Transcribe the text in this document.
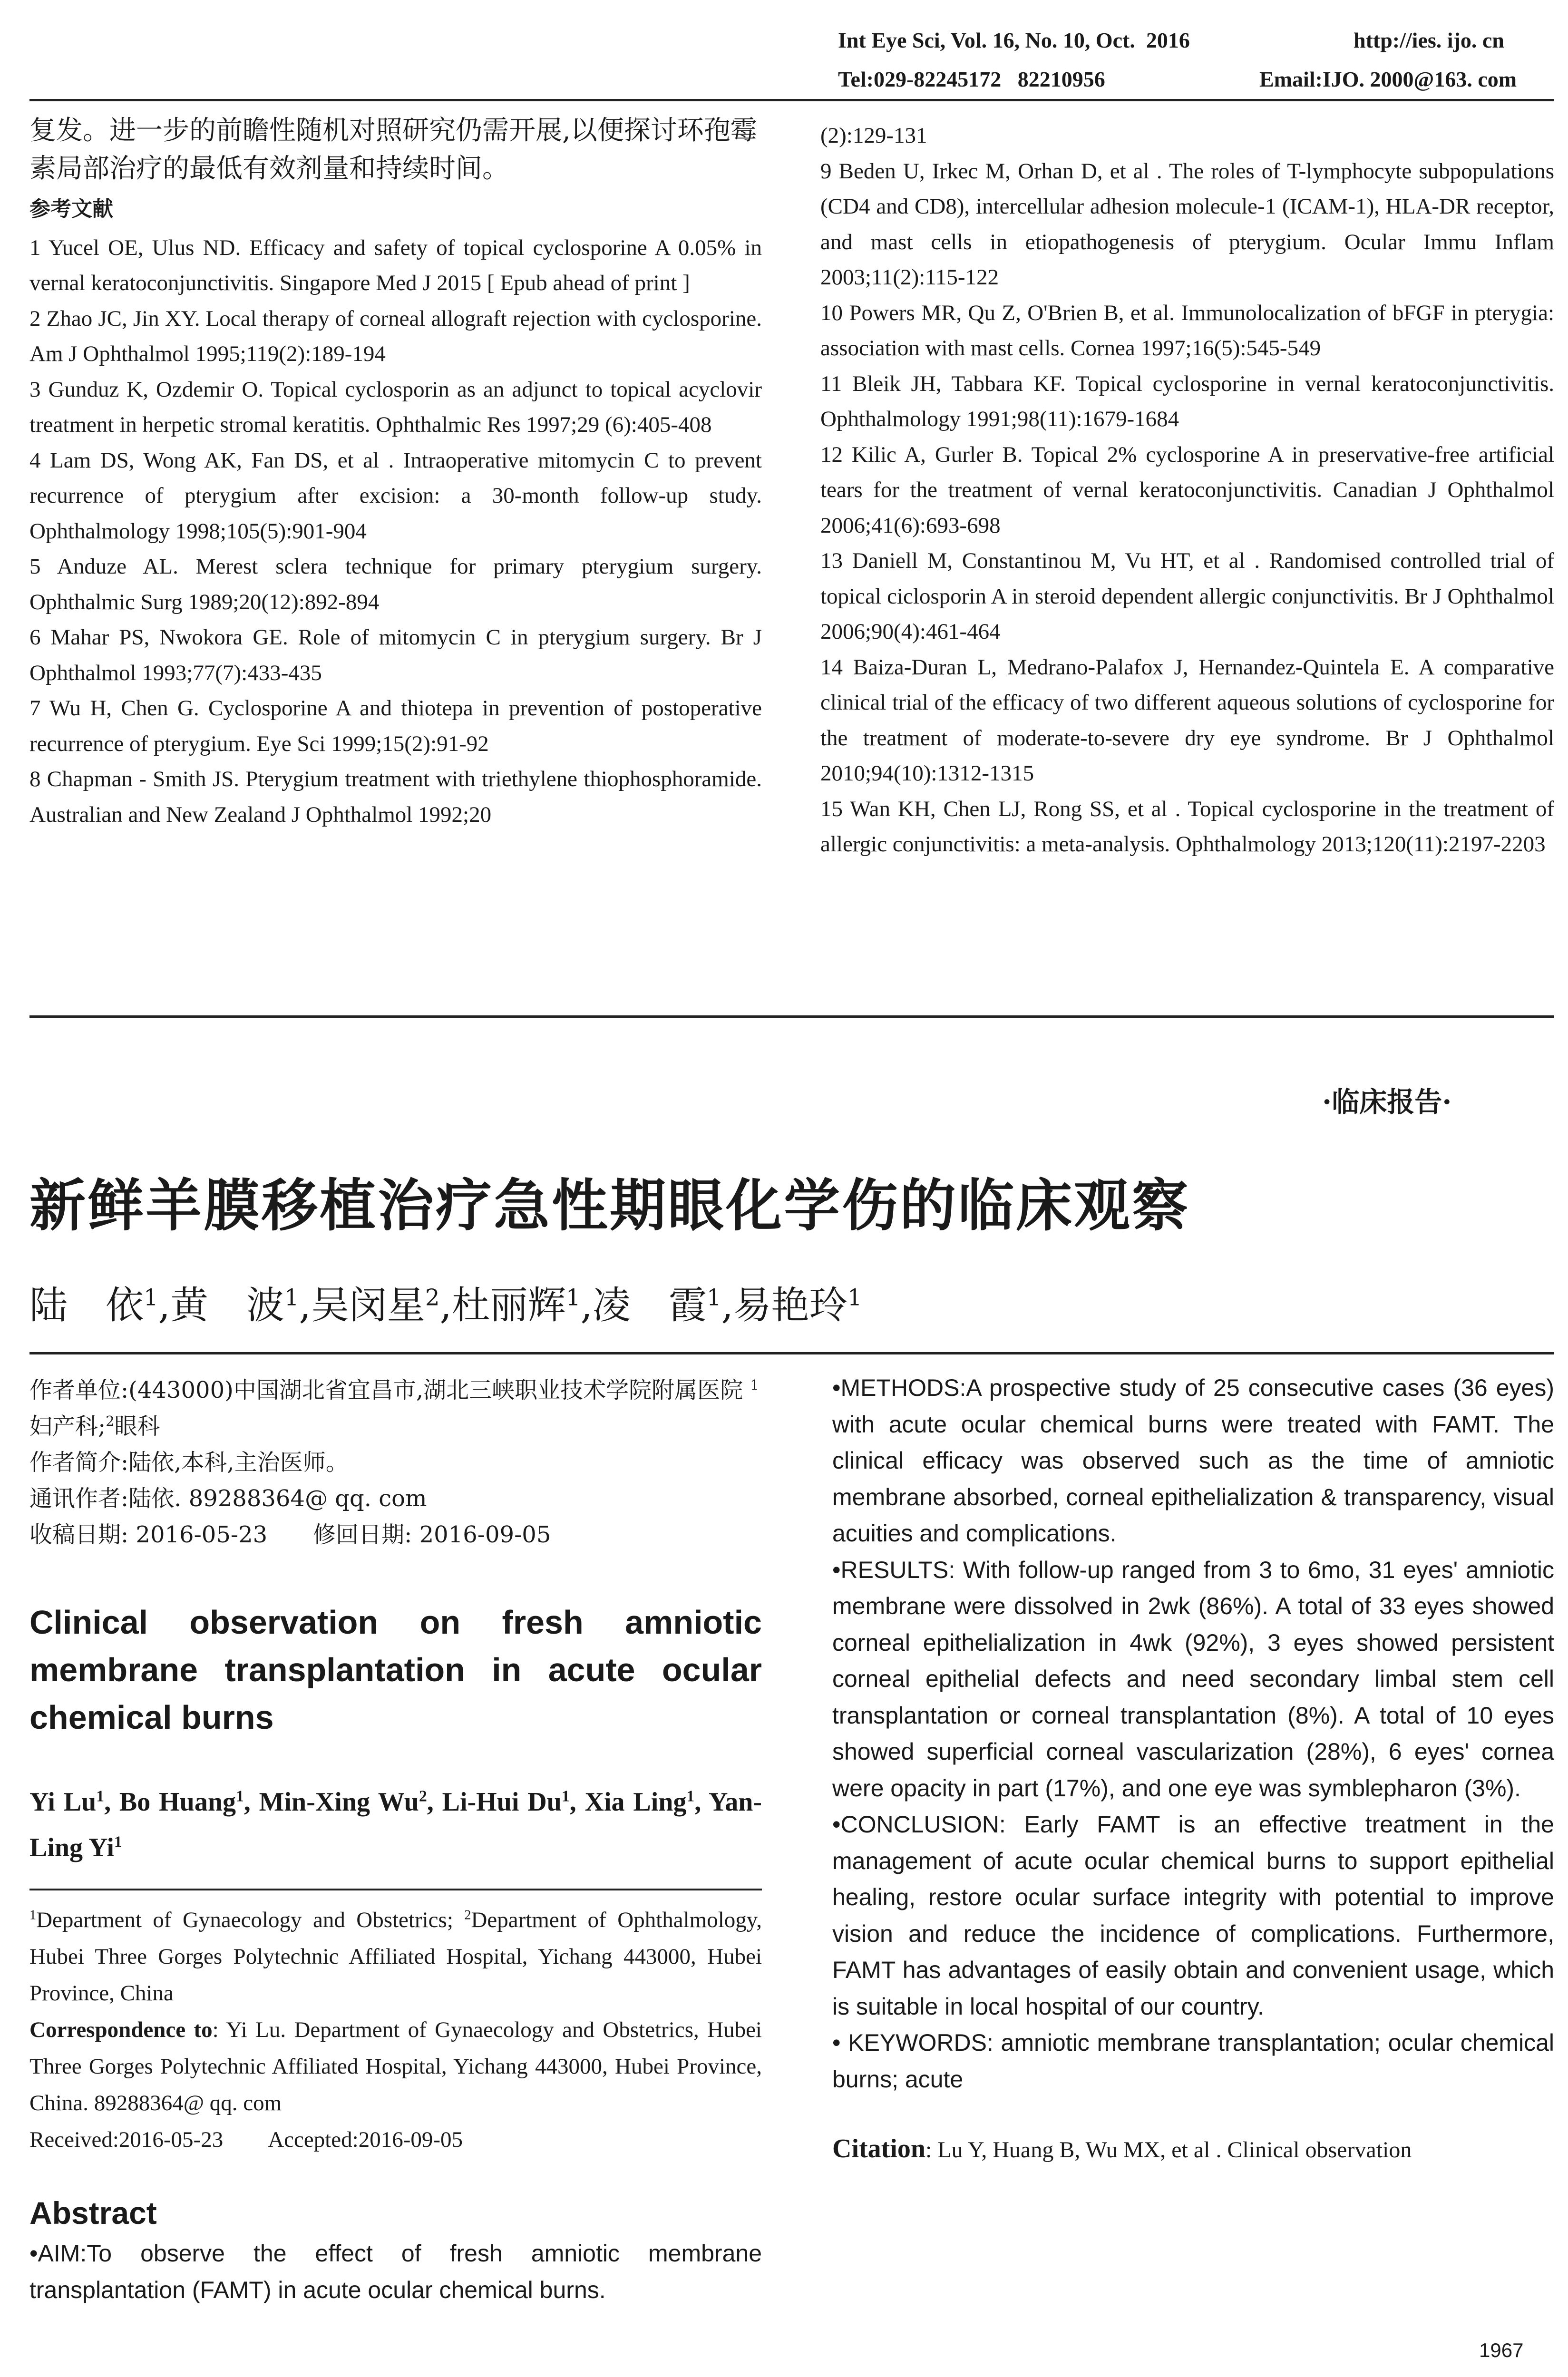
Int Eye Sci, Vol. 16, No. 10, Oct.  2016	http://ies. ijo. cn
Tel:029-82245172   82210956	Email:IJO. 2000@163. com

复发。进一步的前瞻性随机对照研究仍需开展,以便探讨环孢霉素局部治疗的最低有效剂量和持续时间。

参考文献

1 Yucel OE, Ulus ND. Efficacy and safety of topical cyclosporine A 0.05% in vernal keratoconjunctivitis. Singapore Med J 2015 [ Epub ahead of print ]

2 Zhao JC, Jin XY. Local therapy of corneal allograft rejection with cyclosporine. Am J Ophthalmol 1995;119(2):189-194

3 Gunduz K, Ozdemir O. Topical cyclosporin as an adjunct to topical acyclovir treatment in herpetic stromal keratitis. Ophthalmic Res 1997;29 (6):405-408

4 Lam DS, Wong AK, Fan DS, et al . Intraoperative mitomycin C to prevent recurrence of pterygium after excision: a 30-month follow-up study. Ophthalmology 1998;105(5):901-904

5 Anduze AL. Merest sclera technique for primary pterygium surgery. Ophthalmic Surg 1989;20(12):892-894

6 Mahar PS, Nwokora GE. Role of mitomycin C in pterygium surgery. Br J Ophthalmol 1993;77(7):433-435

7 Wu H, Chen G. Cyclosporine A and thiotepa in prevention of postoperative recurrence of pterygium. Eye Sci 1999;15(2):91-92

8 Chapman - Smith JS. Pterygium treatment with triethylene thiophosphoramide. Australian and New Zealand J Ophthalmol 1992;20

(2):129-131

9 Beden U, Irkec M, Orhan D, et al . The roles of T-lymphocyte subpopulations (CD4 and CD8), intercellular adhesion molecule-1 (ICAM-1), HLA-DR receptor, and mast cells in etiopathogenesis of pterygium. Ocular Immu Inflam 2003;11(2):115-122

10 Powers MR, Qu Z, O'Brien B, et al. Immunolocalization of bFGF in pterygia: association with mast cells. Cornea 1997;16(5):545-549

11 Bleik JH, Tabbara KF. Topical cyclosporine in vernal keratoconjunctivitis. Ophthalmology 1991;98(11):1679-1684

12 Kilic A, Gurler B. Topical 2% cyclosporine A in preservative-free artificial tears for the treatment of vernal keratoconjunctivitis. Canadian J Ophthalmol 2006;41(6):693-698

13 Daniell M, Constantinou M, Vu HT, et al . Randomised controlled trial of topical ciclosporin A in steroid dependent allergic conjunctivitis. Br J Ophthalmol 2006;90(4):461-464

14 Baiza-Duran L, Medrano-Palafox J, Hernandez-Quintela E. A comparative clinical trial of the efficacy of two different aqueous solutions of cyclosporine for the treatment of moderate-to-severe dry eye syndrome. Br J Ophthalmol 2010;94(10):1312-1315

15 Wan KH, Chen LJ, Rong SS, et al . Topical cyclosporine in the treatment of allergic conjunctivitis: a meta-analysis. Ophthalmology 2013;120(11):2197-2203

·临床报告·
新鲜羊膜移植治疗急性期眼化学伤的临床观察
陆　依$^1$,黄　波$^1$,吴闵星$^2$,杜丽辉$^1$,凌　霞$^1$,易艳玲$^1$

作者单位:(443000)中国湖北省宜昌市,湖北三峡职业技术学院附属医院 $^1$妇产科;$^2$眼科

作者简介:陆依,本科,主治医师。

通讯作者:陆依. 89288364@ qq. com

收稿日期: 2016-05-23　　修回日期: 2016-09-05

Clinical observation on fresh amniotic membrane transplantation in acute ocular chemical burns

Yi Lu$^1$, Bo Huang$^1$, Min-Xing Wu$^2$, Li-Hui Du$^1$, Xia Ling$^1$, Yan-Ling Yi$^1$

$^1$Department of Gynaecology and Obstetrics; $^2$Department of Ophthalmology, Hubei Three Gorges Polytechnic Affiliated Hospital, Yichang 443000, Hubei Province, China

Correspondence to: Yi Lu. Department of Gynaecology and Obstetrics, Hubei Three Gorges Polytechnic Affiliated Hospital, Yichang 443000, Hubei Province, China. 89288364@ qq. com

Received:2016-05-23　　Accepted:2016-09-05

Abstract

•AIM:To observe the effect of fresh amniotic membrane transplantation (FAMT) in acute ocular chemical burns.

•METHODS:A prospective study of 25 consecutive cases (36 eyes) with acute ocular chemical burns were treated with FAMT. The clinical efficacy was observed such as the time of amniotic membrane absorbed, corneal epithelialization & transparency, visual acuities and complications.

•RESULTS: With follow-up ranged from 3 to 6mo, 31 eyes' amniotic membrane were dissolved in 2wk (86%). A total of 33 eyes showed corneal epithelialization in 4wk (92%), 3 eyes showed persistent corneal epithelial defects and need secondary limbal stem cell transplantation or corneal transplantation (8%). A total of 10 eyes showed superficial corneal vascularization (28%), 6 eyes' cornea were opacity in part (17%), and one eye was symblepharon (3%).

•CONCLUSION: Early FAMT is an effective treatment in the management of acute ocular chemical burns to support epithelial healing, restore ocular surface integrity with potential to improve vision and reduce the incidence of complications. Furthermore, FAMT has advantages of easily obtain and convenient usage, which is suitable in local hospital of our country.

• KEYWORDS: amniotic membrane transplantation; ocular chemical burns; acute

Citation: Lu Y, Huang B, Wu MX, et al . Clinical observation

1967
